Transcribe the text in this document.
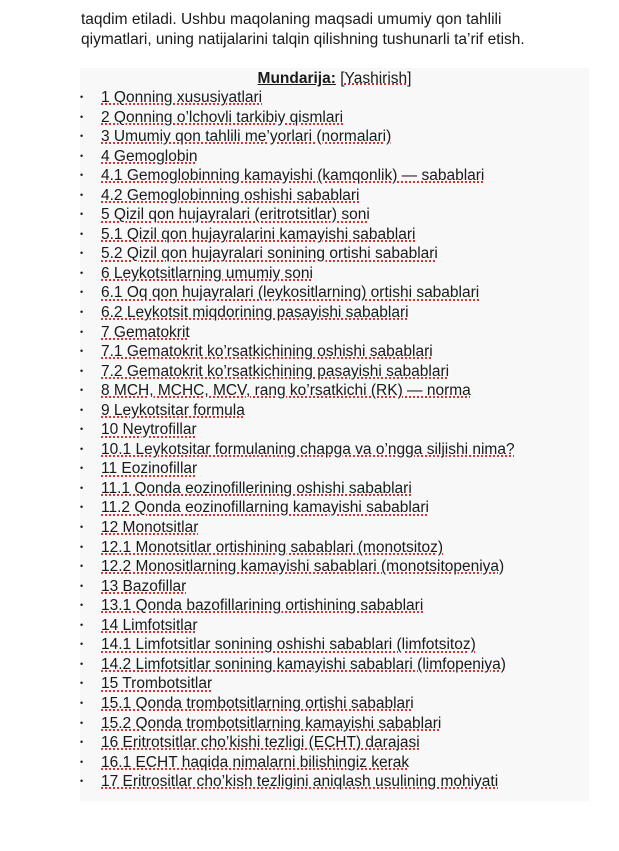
taqdim etiladi. Ushbu maqolaning maqsadi umumiy qon tahlili
qiymatlari, uning natijalarini talqin qilishning tushunarli ta’rif etish.
Mundarija: [Yashirish]
•	1 Qonning xususiyatlari
•	2 Qonning o’lchovli tarkibiy qismlari
•	3 Umumiy qon tahlili me’yorlari (normalari)
•	4 Gemoglobin
•	4.1 Gemoglobinning kamayishi (kamqonlik) — sabablari
•	4.2 Gemoglobinning oshishi sabablari
•	5 Qizil qon hujayralari (eritrotsitlar) soni
•	5.1 Qizil qon hujayralarini kamayishi sabablari
•	5.2 Qizil qon hujayralari sonining ortishi sabablari
•	6 Leykotsitlarning umumiy soni
•	6.1 Oq qon hujayralari (leykositlarning) ortishi sabablari
•	6.2 Leykotsit miqdorining pasayishi sabablari
•	7 Gematokrit
•	7.1 Gematokrit ko’rsatkichining oshishi sabablari
•	7.2 Gematokrit ko’rsatkichining pasayishi sabablari
•	8 MCH, MCHC, MCV, rang ko’rsatkichi (RK) — norma
•	9 Leykotsitar formula
•	10 Neytrofillar
•	10.1 Leykotsitar formulaning chapga va o’ngga siljishi nima?
•	11 Eozinofillar
•	11.1 Qonda eozinofillerining oshishi sabablari
•	11.2 Qonda eozinofillarning kamayishi sabablari
•	12 Monotsitlar
•	12.1 Monotsitlar ortishining sabablari (monotsitoz)
•	12.2 Monositlarning kamayishi sabablari (monotsitopeniya)
•	13 Bazofillar
•	13.1 Qonda bazofillarining ortishining sabablari
•	14 Limfotsitlar
•	14.1 Limfotsitlar sonining oshishi sabablari (limfotsitoz)
•	14.2 Limfotsitlar sonining kamayishi sabablari (limfopeniya)
•	15 Trombotsitlar
•	15.1 Qonda trombotsitlarning ortishi sabablari
•	15.2 Qonda trombotsitlarning kamayishi sabablari
•	16 Eritrotsitlar cho’kishi tezligi (ECHT) darajasi
•	16.1 ECHT haqida nimalarni bilishingiz kerak
•	17 Eritrositlar cho’kish tezligini aniqlash usulining mohiyati
